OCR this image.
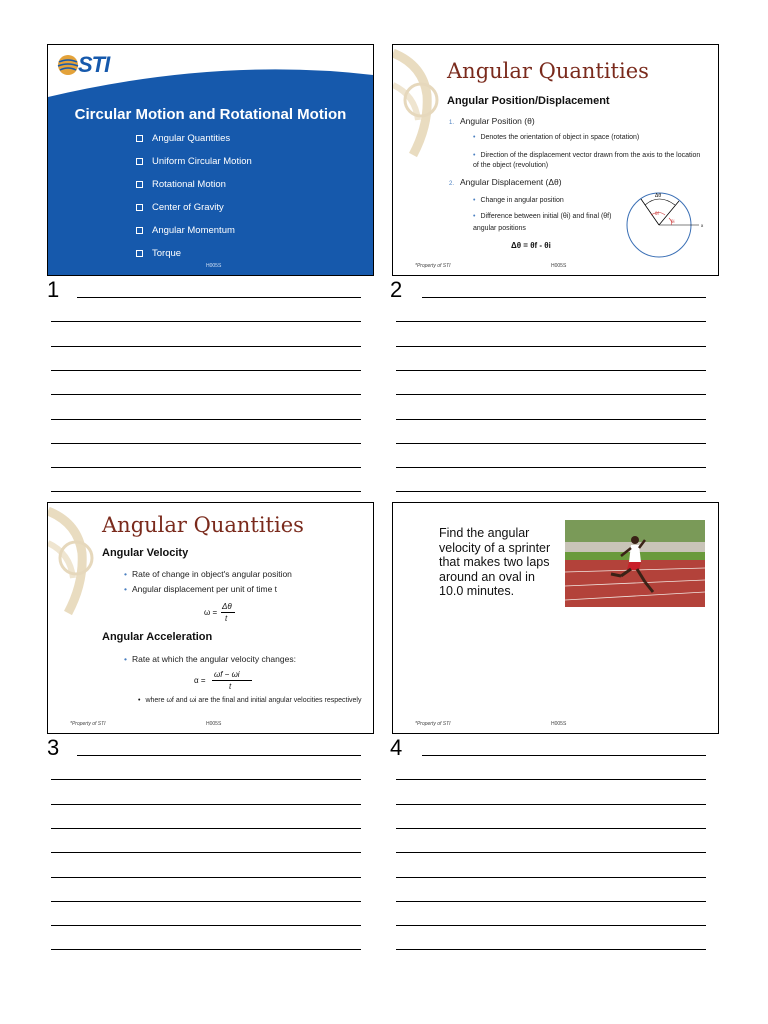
STI
Circular Motion and Rotational Motion
Angular Quantities
Uniform Circular Motion
Rotational Motion
Center of Gravity
Angular Momentum
Torque
H005S
Angular Quantities
Angular Position/Displacement
1. Angular Position (θ)
• Denotes the orientation of object in space (rotation)
• Direction of the displacement vector drawn from the axis to the location of the object (revolution)
2. Angular Displacement (Δθ)
• Change in angular position
• Difference between initial (θi) and final (θf) angular positions
Δθ = θf - θi
Δθ
θf
θi
x
*Property of STI	H005S
Angular Quantities
Angular Velocity
• Rate of change in object's angular position
• Angular displacement per unit of time t
ω =
Δθ
t
Angular Acceleration
• Rate at which the angular velocity changes:
α =
ωf − ωi
t
• where ωf and ωi are the final and initial angular velocities respectively
*Property of STI	H005S
Find the angular velocity of a sprinter that makes two laps around an oval in 10.0 minutes.
*Property of STI	H005S
1	2
3	4
